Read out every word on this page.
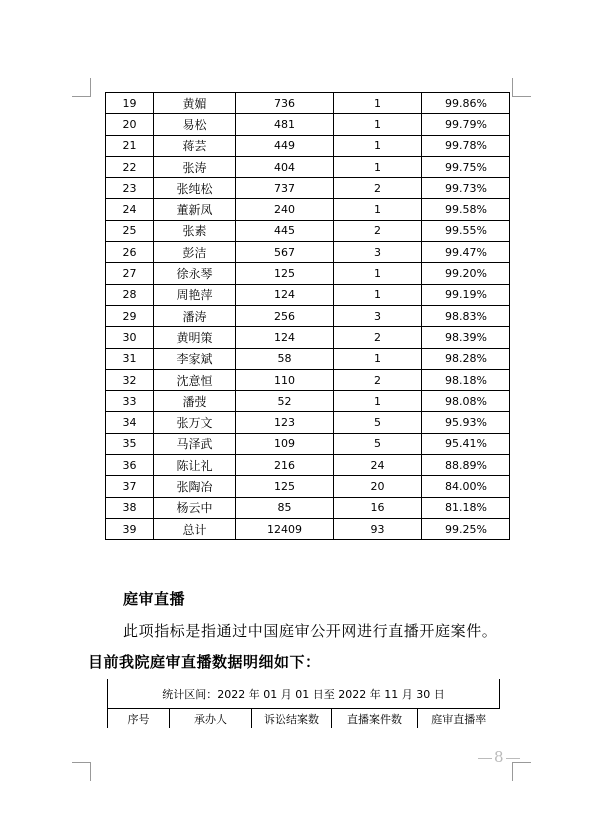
19	黄媚	736	1	99.86%
20	易松	481	1	99.79%
21	蒋芸	449	1	99.78%
22	张涛	404	1	99.75%
23	张纯松	737	2	99.73%
24	董新凤	240	1	99.58%
25	张素	445	2	99.55%
26	彭洁	567	3	99.47%
27	徐永琴	125	1	99.20%
28	周艳萍	124	1	99.19%
29	潘涛	256	3	98.83%
30	黄明策	124	2	98.39%
31	李家斌	58	1	98.28%
32	沈意恒	110	2	98.18%
33	潘弢	52	1	98.08%
34	张万文	123	5	95.93%
35	马泽武	109	5	95.41%
36	陈让礼	216	24	88.89%
37	张陶冶	125	20	84.00%
38	杨云中	85	16	81.18%
39	总计	12409	93	99.25%
庭审直播
此项指标是指通过中国庭审公开网进行直播开庭案件。
目前我院庭审直播数据明细如下：
统计区间：2022 年 01 月 01 日至 2022 年 11 月 30 日
序号	承办人	诉讼结案数	直播案件数	庭审直播率
8
